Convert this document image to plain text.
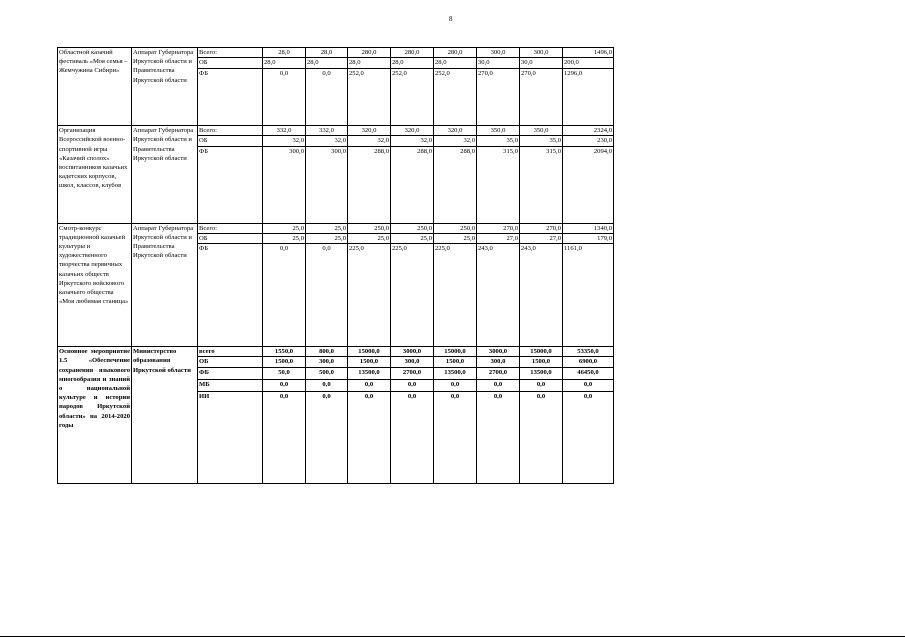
8
Областной казачий фестиваль «Моя семья – Жемчужина Сибири»	Аппарат Губернатора Иркутской области и Правительства Иркутской области	Всего:	28,0	28,0	280,0	280,0	280,0	300,0	300,0	1496,0
		ОБ	28,0	28,0	28,0	28,0	28,0	30,0	30,0	200,0
		ФБ	0,0	0,0	252,0	252,0	252,0	270,0	270,0	1296,0
Организация Всероссийской военно-спортивной игры «Казачий сполох» воспитанников казачьих кадетских корпусов, школ, классов, клубов	Аппарат Губернатора Иркутской области и Правительства Иркутской области	Всего:	332,0	332,0	320,0	320,0	320,0	350,0	350,0	2324,0
		ОБ	32,0	32,0	32,0	32,0	32,0	35,0	35,0	230,0
		ФБ	300,0	300,0	288,0	288,0	288,0	315,0	315,0	2094,0
Смотр-конкурс традиционной казачьей культуры и художественного творчества первичных казачьих обществ Иркутского войскового казачьего общества «Моя любимая станица»	Аппарат Губернатора Иркутской области и Правительства Иркутской области	Всего:	25,0	25,0	250,0	250,0	250,0	270,0	270,0	1340,0
		ОБ	25,0	25,0	25,0	25,0	25,0	27,0	27,0	179,0
		ФБ	0,0	0,0	225,0	225,0	225,0	243,0	243,0	1161,0
Основное мероприятие 1.5 «Обеспечение сохранения языкового многообразия и знаний о национальной культуре и истории народов Иркутской области» на 2014-2020 годы	Министерство образования Иркутской области	всего	1550,0	800,0	15000,0	3000,0	15000,0	3000,0	15000,0	53350,0
		ОБ	1500,0	300,0	1500,0	300,0	1500,0	300,0	1500,0	6900,0
		ФБ	50,0	500,0	13500,0	2700,0	13500,0	2700,0	13500,0	46450,0
		МБ	0,0	0,0	0,0	0,0	0,0	0,0	0,0	0,0
		ИИ	0,0	0,0	0,0	0,0	0,0	0,0	0,0	0,0
